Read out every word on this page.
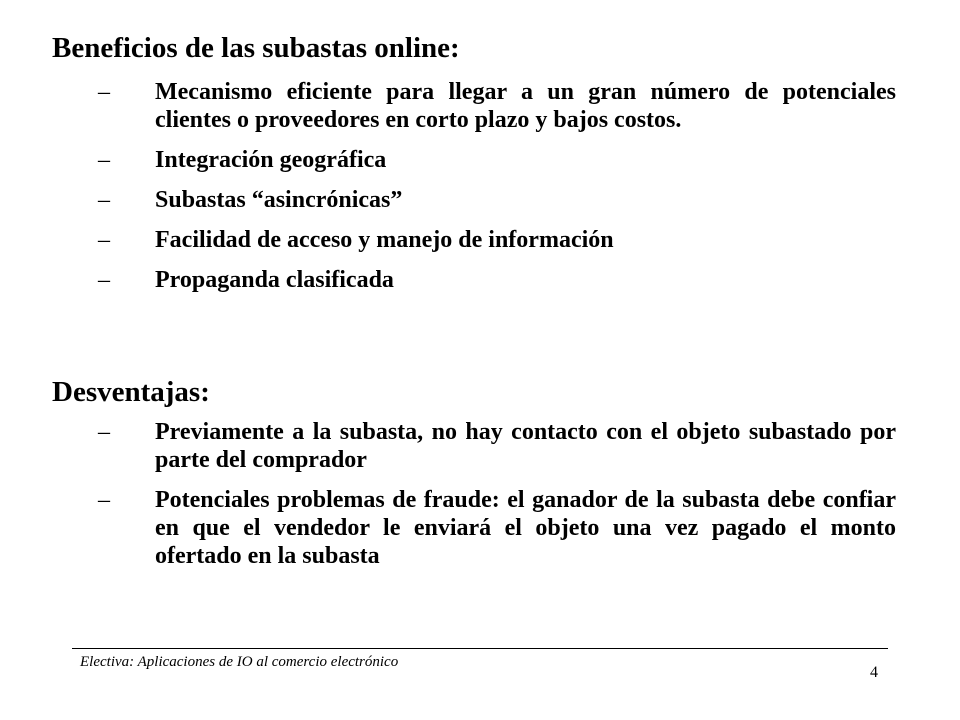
Beneficios de las subastas online:
– Mecanismo eficiente para llegar a un gran número de potenciales clientes o proveedores en corto plazo y bajos costos.
– Integración geográfica
– Subastas “asincrónicas”
– Facilidad de acceso y manejo de información
– Propaganda clasificada
Desventajas:
– Previamente a la subasta, no hay contacto con el objeto subastado por parte del comprador
– Potenciales problemas de fraude: el ganador de la subasta debe confiar en que el vendedor le enviará el objeto una vez pagado el monto ofertado en la subasta
Electiva: Aplicaciones de IO al comercio electrónico
4
